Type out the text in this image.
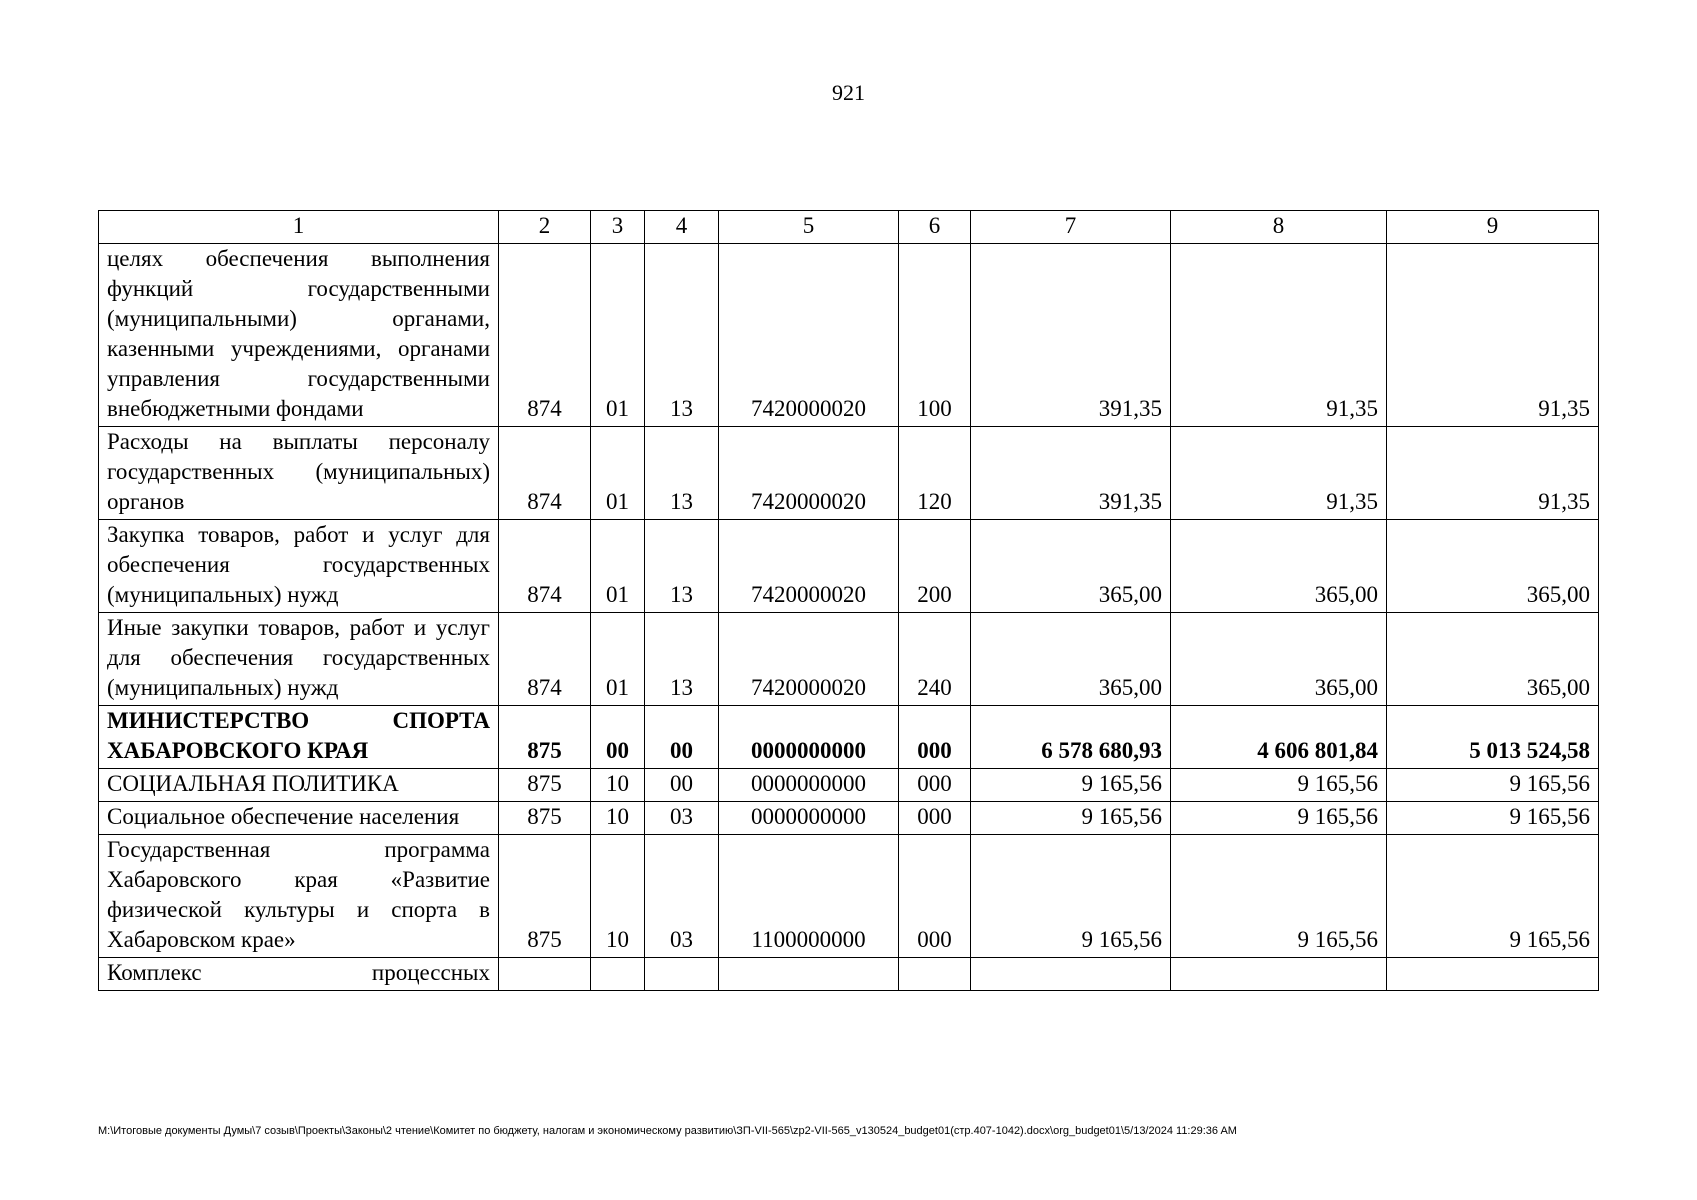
921
1	2	3	4	5	6	7	8	9
целях обеспечения выполнения функций государственными (муниципальными) органами, казенными учреждениями, органами управления государственными внебюджетными фондами	874	01	13	7420000020	100	391,35	91,35	91,35
Расходы на выплаты персоналу государственных (муниципальных) органов	874	01	13	7420000020	120	391,35	91,35	91,35
Закупка товаров, работ и услуг для обеспечения государственных (муниципальных) нужд	874	01	13	7420000020	200	365,00	365,00	365,00
Иные закупки товаров, работ и услуг для обеспечения государственных (муниципальных) нужд	874	01	13	7420000020	240	365,00	365,00	365,00
МИНИСТЕРСТВО СПОРТА ХАБАРОВСКОГО КРАЯ	875	00	00	0000000000	000	6 578 680,93	4 606 801,84	5 013 524,58
СОЦИАЛЬНАЯ ПОЛИТИКА	875	10	00	0000000000	000	9 165,56	9 165,56	9 165,56
Социальное обеспечение населения	875	10	03	0000000000	000	9 165,56	9 165,56	9 165,56
Государственная программа Хабаровского края «Развитие физической культуры и спорта в Хабаровском крае»	875	10	03	1100000000	000	9 165,56	9 165,56	9 165,56
Комплекс процессных								
M:\Итоговые документы Думы\7 созыв\Проекты\Законы\2 чтение\Комитет по бюджету, налогам и экономическому развитию\ЗП-VII-565\zp2-VII-565_v130524_budget01(стр.407-1042).docx\org_budget01\5/13/2024 11:29:36 AM
